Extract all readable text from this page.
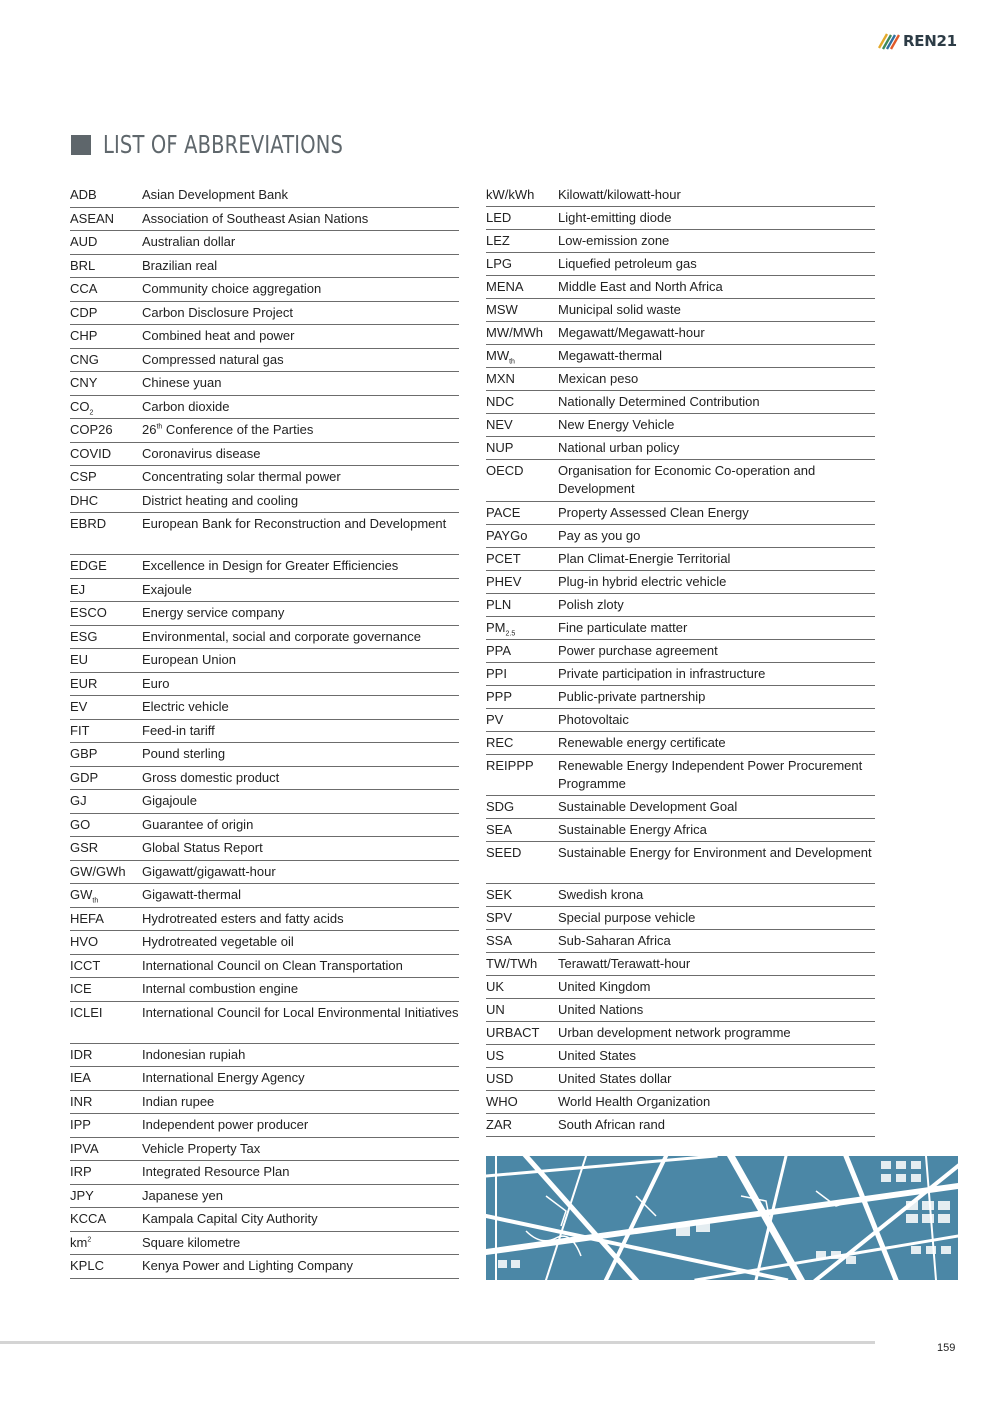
REN21
LIST OF ABBREVIATIONS
ADB	Asian Development Bank
ASEAN	Association of Southeast Asian Nations
AUD	Australian dollar
BRL	Brazilian real
CCA	Community choice aggregation
CDP	Carbon Disclosure Project
CHP	Combined heat and power
CNG	Compressed natural gas
CNY	Chinese yuan
$CO_2$	Carbon dioxide
COP26	26th Conference of the Parties
COVID	Coronavirus disease
CSP	Concentrating solar thermal power
DHC	District heating and cooling
EBRD	European Bank for Reconstruction and Development
EDGE	Excellence in Design for Greater Efficiencies
EJ	Exajoule
ESCO	Energy service company
ESG	Environmental, social and corporate governance
EU	European Union
EUR	Euro
EV	Electric vehicle
FIT	Feed-in tariff
GBP	Pound sterling
GDP	Gross domestic product
GJ	Gigajoule
GO	Guarantee of origin
GSR	Global Status Report
GW/GWh	Gigawatt/gigawatt-hour
$GW_{th}$	Gigawatt-thermal
HEFA	Hydrotreated esters and fatty acids
HVO	Hydrotreated vegetable oil
ICCT	International Council on Clean Transportation
ICE	Internal combustion engine
ICLEI	International Council for Local Environmental Initiatives
IDR	Indonesian rupiah
IEA	International Energy Agency
INR	Indian rupee
IPP	Independent power producer
IPVA	Vehicle Property Tax
IRP	Integrated Resource Plan
JPY	Japanese yen
KCCA	Kampala Capital City Authority
$km^2$	Square kilometre
KPLC	Kenya Power and Lighting Company
kW/kWh	Kilowatt/kilowatt-hour
LED	Light-emitting diode
LEZ	Low-emission zone
LPG	Liquefied petroleum gas
MENA	Middle East and North Africa
MSW	Municipal solid waste
MW/MWh	Megawatt/Megawatt-hour
$MW_{th}$	Megawatt-thermal
MXN	Mexican peso
NDC	Nationally Determined Contribution
NEV	New Energy Vehicle
NUP	National urban policy
OECD	Organisation for Economic Co-operation and Development
PACE	Property Assessed Clean Energy
PAYGo	Pay as you go
PCET	Plan Climat-Energie Territorial
PHEV	Plug-in hybrid electric vehicle
PLN	Polish zloty
$PM_{2.5}$	Fine particulate matter
PPA	Power purchase agreement
PPI	Private participation in infrastructure
PPP	Public-private partnership
PV	Photovoltaic
REC	Renewable energy certificate
REIPPP	Renewable Energy Independent Power Procurement Programme
SDG	Sustainable Development Goal
SEA	Sustainable Energy Africa
SEED	Sustainable Energy for Environment and Development
SEK	Swedish krona
SPV	Special purpose vehicle
SSA	Sub-Saharan Africa
TW/TWh	Terawatt/Terawatt-hour
UK	United Kingdom
UN	United Nations
URBACT	Urban development network programme
US	United States
USD	United States dollar
WHO	World Health Organization
ZAR	South African rand
159
